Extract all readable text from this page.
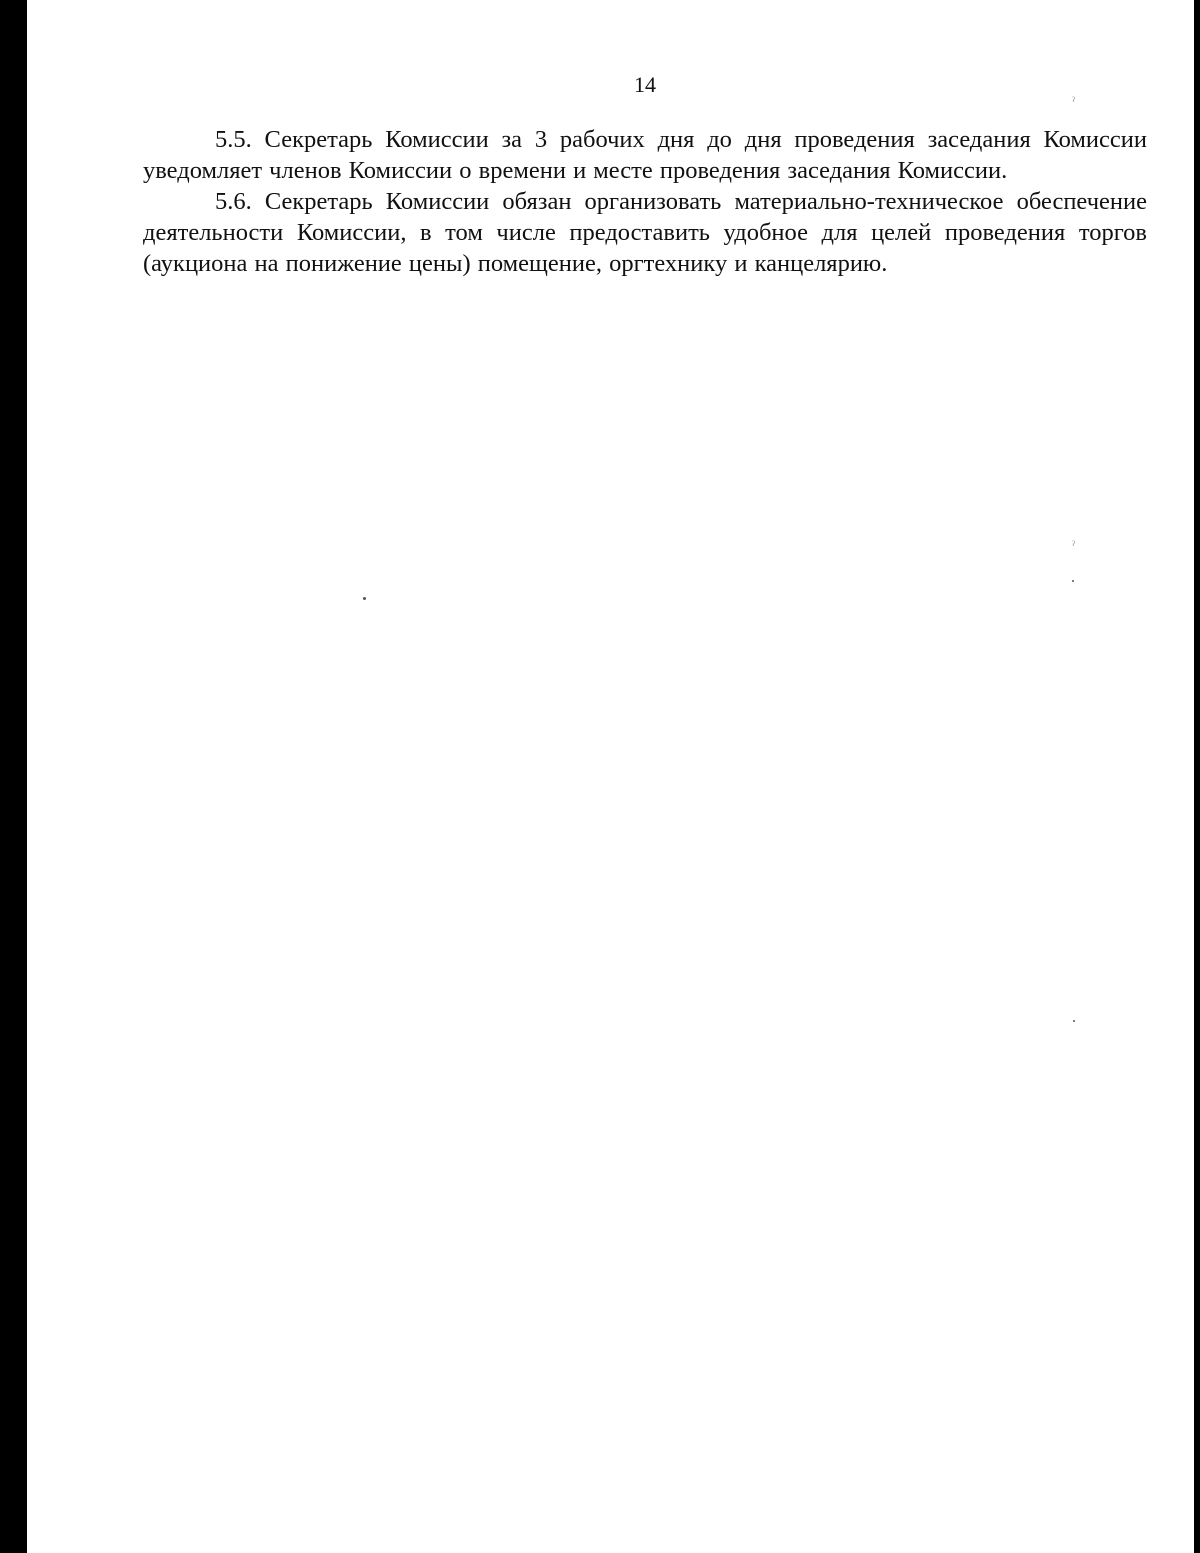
14

5.5. Секретарь Комиссии за 3 рабочих дня до дня проведения заседания Комиссии уведомляет членов Комиссии о времени и месте проведения заседания Комиссии.

5.6. Секретарь Комиссии обязан организовать материально-техническое обеспечение деятельности Комиссии, в том числе предоставить удобное для целей проведения торгов (аукциона на понижение цены) помещение, оргтехнику и канцелярию.

ˀ
ˀ
